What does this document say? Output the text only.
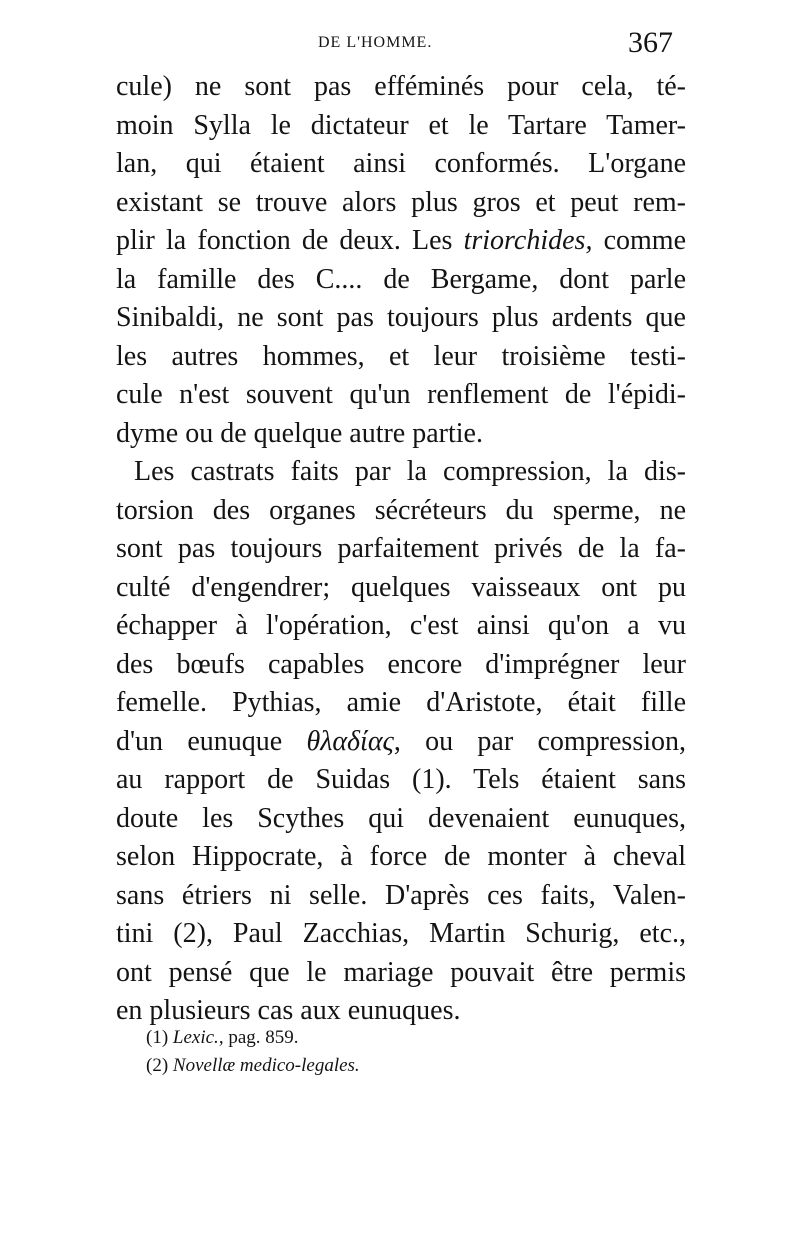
DE L'HOMME.	367
cule) ne sont pas efféminés pour cela, té-
moin Sylla le dictateur et le Tartare Tamer-
lan, qui étaient ainsi conformés. L'organe
existant se trouve alors plus gros et peut rem-
plir la fonction de deux. Les triorchides, comme
la famille des C.... de Bergame, dont parle
Sinibaldi, ne sont pas toujours plus ardents que
les autres hommes, et leur troisième testi-
cule n'est souvent qu'un renflement de l'épidi-
dyme ou de quelque autre partie.
Les castrats faits par la compression, la dis-
torsion des organes sécréteurs du sperme, ne
sont pas toujours parfaitement privés de la fa-
culté d'engendrer; quelques vaisseaux ont pu
échapper à l'opération, c'est ainsi qu'on a vu
des bœufs capables encore d'imprégner leur
femelle. Pythias, amie d'Aristote, était fille
d'un eunuque θλαδίας, ou par compression,
au rapport de Suidas (1). Tels étaient sans
doute les Scythes qui devenaient eunuques,
selon Hippocrate, à force de monter à cheval
sans étriers ni selle. D'après ces faits, Valen-
tini (2), Paul Zacchias, Martin Schurig, etc.,
ont pensé que le mariage pouvait être permis
en plusieurs cas aux eunuques.
(1) Lexic., pag. 859.
(2) Novellæ medico-legales.
